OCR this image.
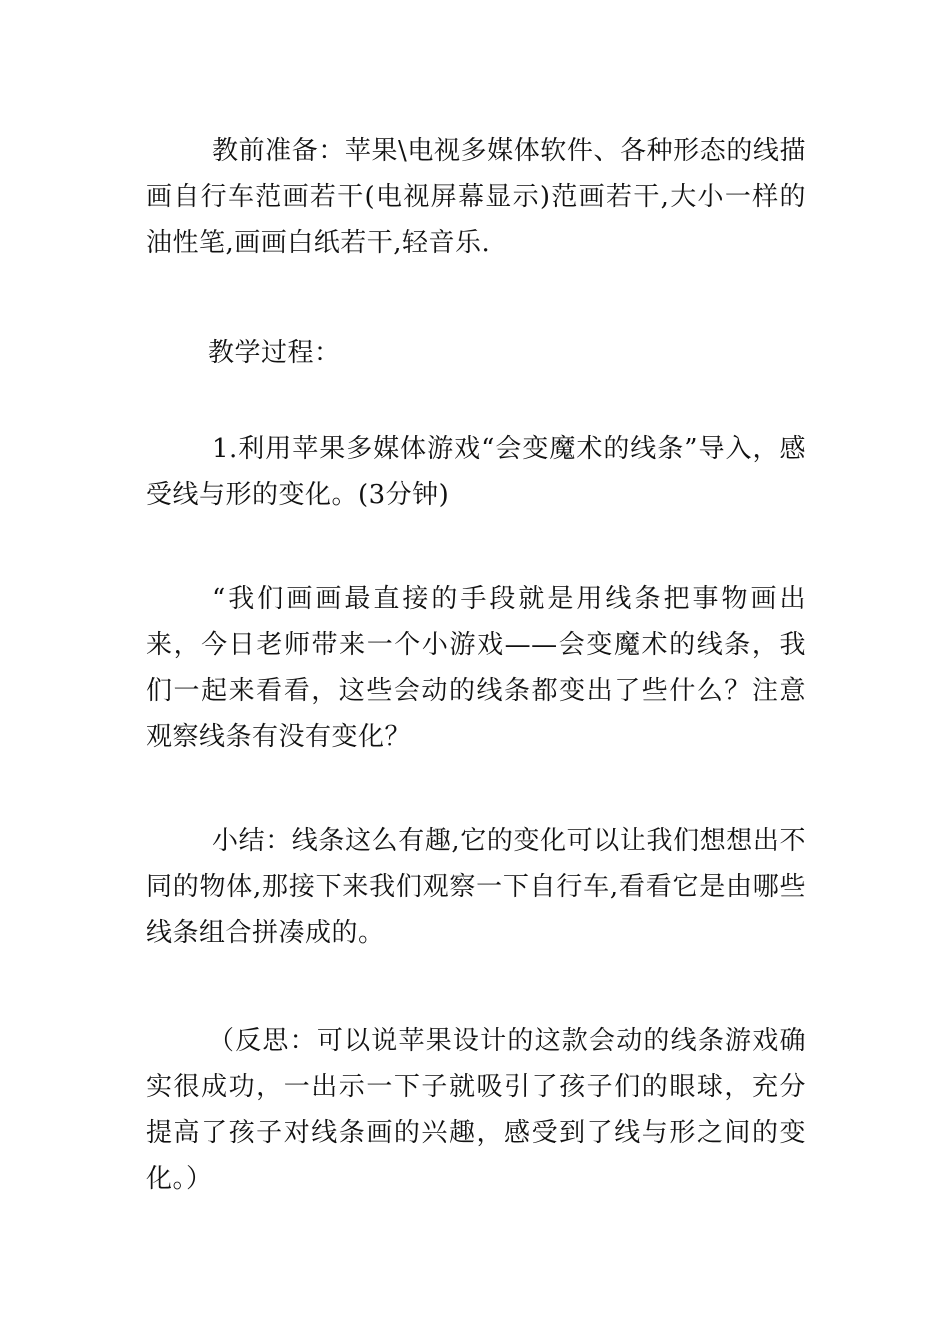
教前准备：苹果\电视多媒体软件、各种形态的线描画自行车范画若干(电视屏幕显示)范画若干,大小一样的油性笔,画画白纸若干,轻音乐.

教学过程：

1.利用苹果多媒体游戏“会变魔术的线条”导入，感受线与形的变化。(3分钟)

“我们画画最直接的手段就是用线条把事物画出来，今日老师带来一个小游戏——会变魔术的线条，我们一起来看看，这些会动的线条都变出了些什么？注意观察线条有没有变化？

小结：线条这么有趣,它的变化可以让我们想想出不同的物体,那接下来我们观察一下自行车,看看它是由哪些线条组合拼凑成的。

（反思：可以说苹果设计的这款会动的线条游戏确实很成功，一出示一下子就吸引了孩子们的眼球，充分提高了孩子对线条画的兴趣，感受到了线与形之间的变化。）
